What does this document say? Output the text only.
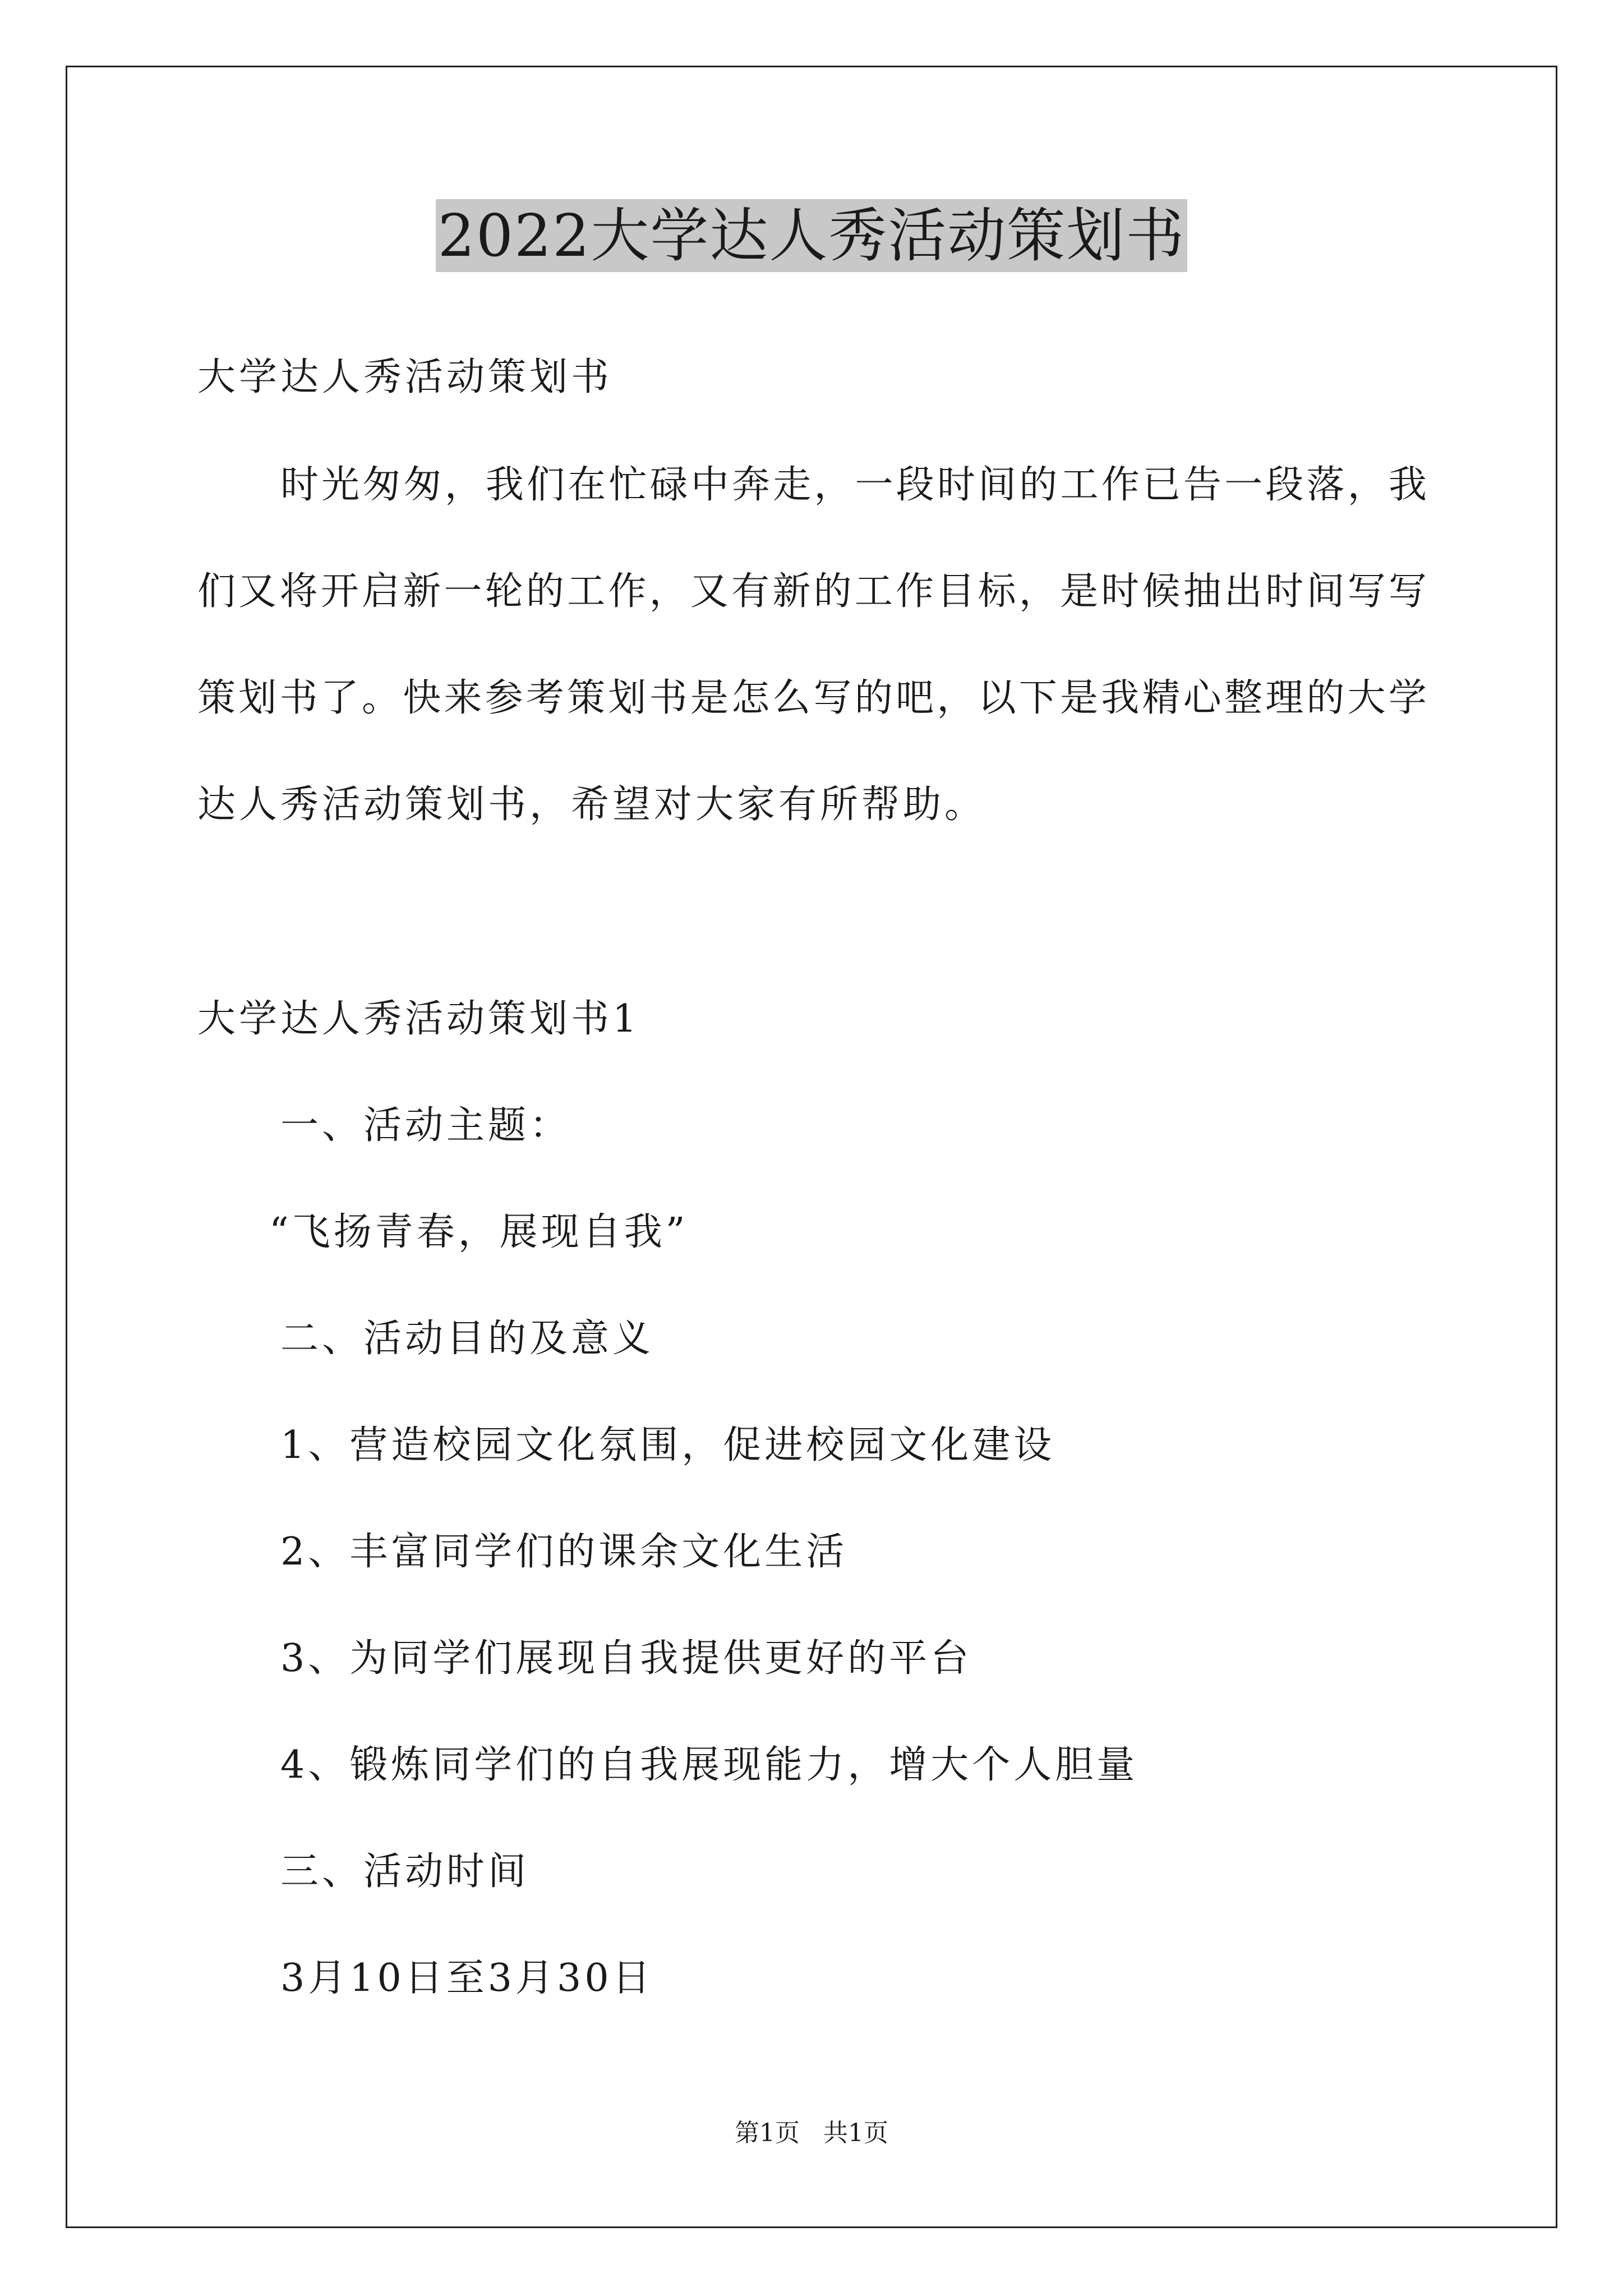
2022大学达人秀活动策划书
大学达人秀活动策划书
时光匆匆，我们在忙碌中奔走，一段时间的工作已告一段落，我
们又将开启新一轮的工作，又有新的工作目标，是时候抽出时间写写
策划书了。快来参考策划书是怎么写的吧，以下是我精心整理的大学
达人秀活动策划书，希望对大家有所帮助。
大学达人秀活动策划书1
一、活动主题：
“飞扬青春，展现自我”
二、活动目的及意义
1、营造校园文化氛围，促进校园文化建设
2、丰富同学们的课余文化生活
3、为同学们展现自我提供更好的平台
4、锻炼同学们的自我展现能力，增大个人胆量
三、活动时间
3月10日至3月30日
第1页   共1页
